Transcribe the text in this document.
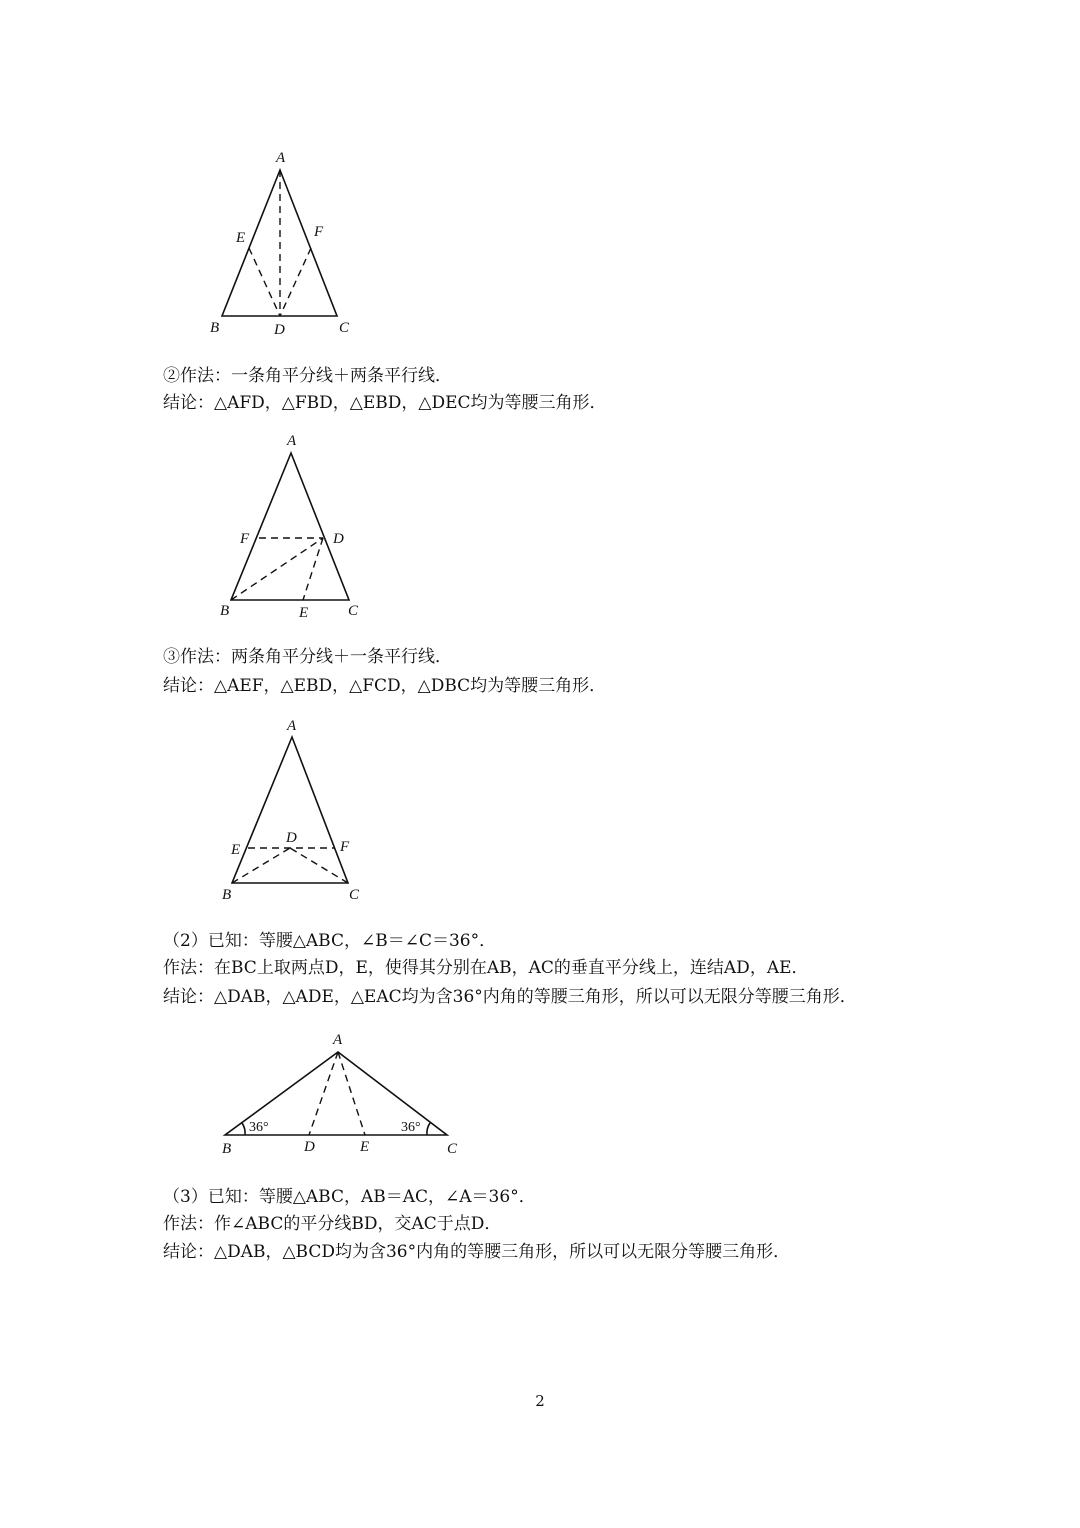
A
E	F
B	D	C

②作法：一条角平分线＋两条平行线．

结论：△AFD，△FBD，△EBD，△DEC均为等腰三角形．

A
F	D
B	E	C

③作法：两条角平分线＋一条平行线．

结论：△AEF，△EBD，△FCD，△DBC均为等腰三角形．

A
D
E	F
B	C

（2）已知：等腰△ABC，∠B＝∠C＝36°．

作法：在BC上取两点D，E，使得其分别在AB，AC的垂直平分线上，连结AD，AE．

结论：△DAB，△ADE，△EAC均为含36°内角的等腰三角形，所以可以无限分等腰三角形．

A
36°	36°
B	D	E	C

（3）已知：等腰△ABC，AB＝AC，∠A＝36°．

作法：作∠ABC的平分线BD，交AC于点D．

结论：△DAB，△BCD均为含36°内角的等腰三角形，所以可以无限分等腰三角形．

2
